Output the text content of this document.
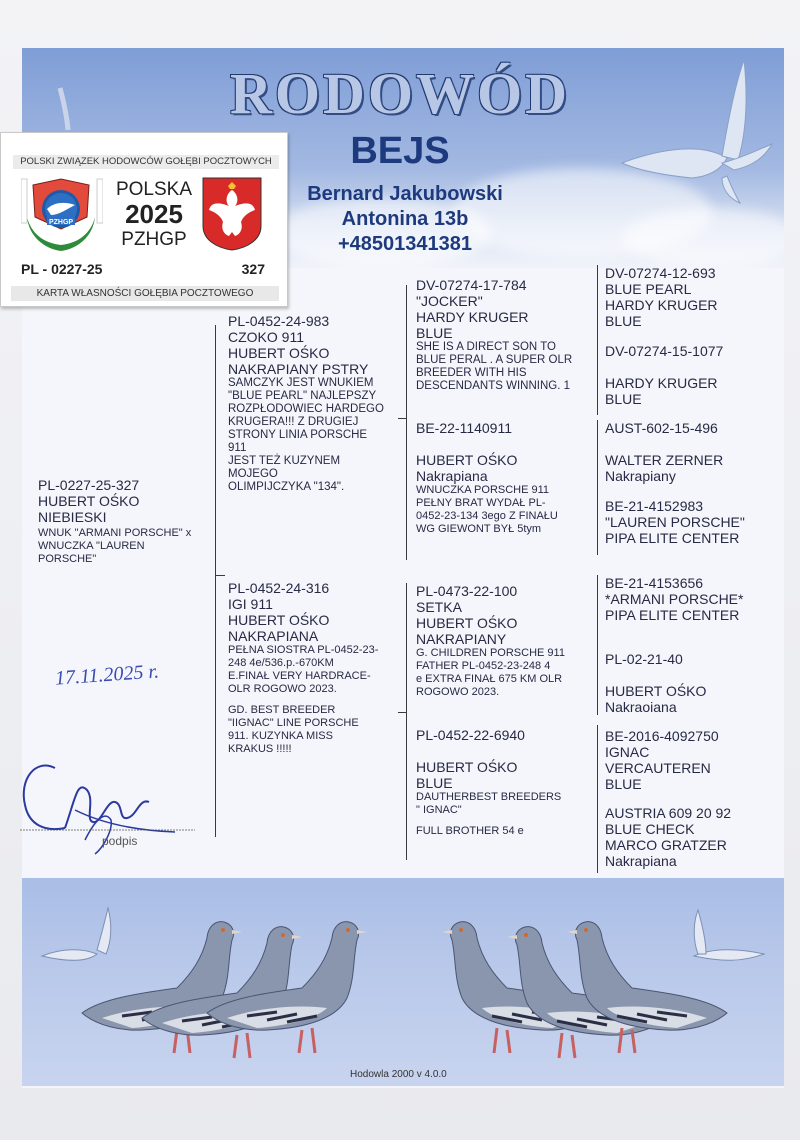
RODOWÓD
BEJS
Bernard Jakubowski
Antonina 13b
+48501341381
POLSKI ZWIĄZEK HODOWCÓW GOŁĘBI POCZTOWYCH
PZHGP
POLSKA
2025
PZHGP
PL - 0227-25	327
KARTA WŁASNOŚCI GOŁĘBIA POCZTOWEGO
PL-0227-25-327
HUBERT OŚKO
NIEBIESKI
WNUK "ARMANI PORSCHE" x
WNUCZKA "LAUREN
PORSCHE"
PL-0452-24-983
CZOKO 911
HUBERT OŚKO
NAKRAPIANY PSTRY
SAMCZYK JEST WNUKIEM
"BLUE PEARL" NAJLEPSZY
ROZPŁODOWIEC HARDEGO
KRUGERA!!! Z DRUGIEJ
STRONY LINIA PORSCHE
911
JEST TEŻ KUZYNEM
MOJEGO
OLIMPIJCZYKA "134".
PL-0452-24-316
IGI 911
HUBERT OŚKO
NAKRAPIANA
PEŁNA SIOSTRA PL-0452-23-
248 4e/536.p.-670KM
E.FINAŁ VERY HARDRACE-
OLR ROGOWO 2023.
GD. BEST BREEDER
"IIGNAC" LINE PORSCHE
911. KUZYNKA MISS
KRAKUS !!!!!
DV-07274-17-784
"JOCKER"
HARDY KRUGER
BLUE
SHE IS A DIRECT SON TO
BLUE PERAL . A SUPER OLR
BREEDER WITH HIS
DESCENDANTS WINNING. 1
BE-22-1140911
HUBERT OŚKO
Nakrapiana
WNUCZKA PORSCHE 911
PEŁNY BRAT WYDAŁ PL-
0452-23-134 3ego Z FINAŁU
WG GIEWONT BYŁ 5tym
PL-0473-22-100
SETKA
HUBERT OŚKO
NAKRAPIANY
G. CHILDREN PORSCHE 911
FATHER PL-0452-23-248 4
e EXTRA FINAŁ 675 KM OLR
ROGOWO 2023.
PL-0452-22-6940
HUBERT OŚKO
BLUE
DAUTHERBEST BREEDERS
" IGNAC"
FULL BROTHER 54 e
DV-07274-12-693
BLUE PEARL
HARDY KRUGER
BLUE
DV-07274-15-1077
HARDY KRUGER
BLUE
AUST-602-15-496
WALTER ZERNER
Nakrapiany
BE-21-4152983
"LAUREN PORSCHE"
PIPA ELITE CENTER
BE-21-4153656
*ARMANI PORSCHE*
PIPA ELITE CENTER
PL-02-21-40
HUBERT OŚKO
Nakraoiana
BE-2016-4092750
IGNAC
VERCAUTEREN
BLUE
AUSTRIA 609 20 92
BLUE CHECK
MARCO GRATZER
Nakrapiana
17.11.2025 r.
podpis
Hodowla 2000 v 4.0.0
